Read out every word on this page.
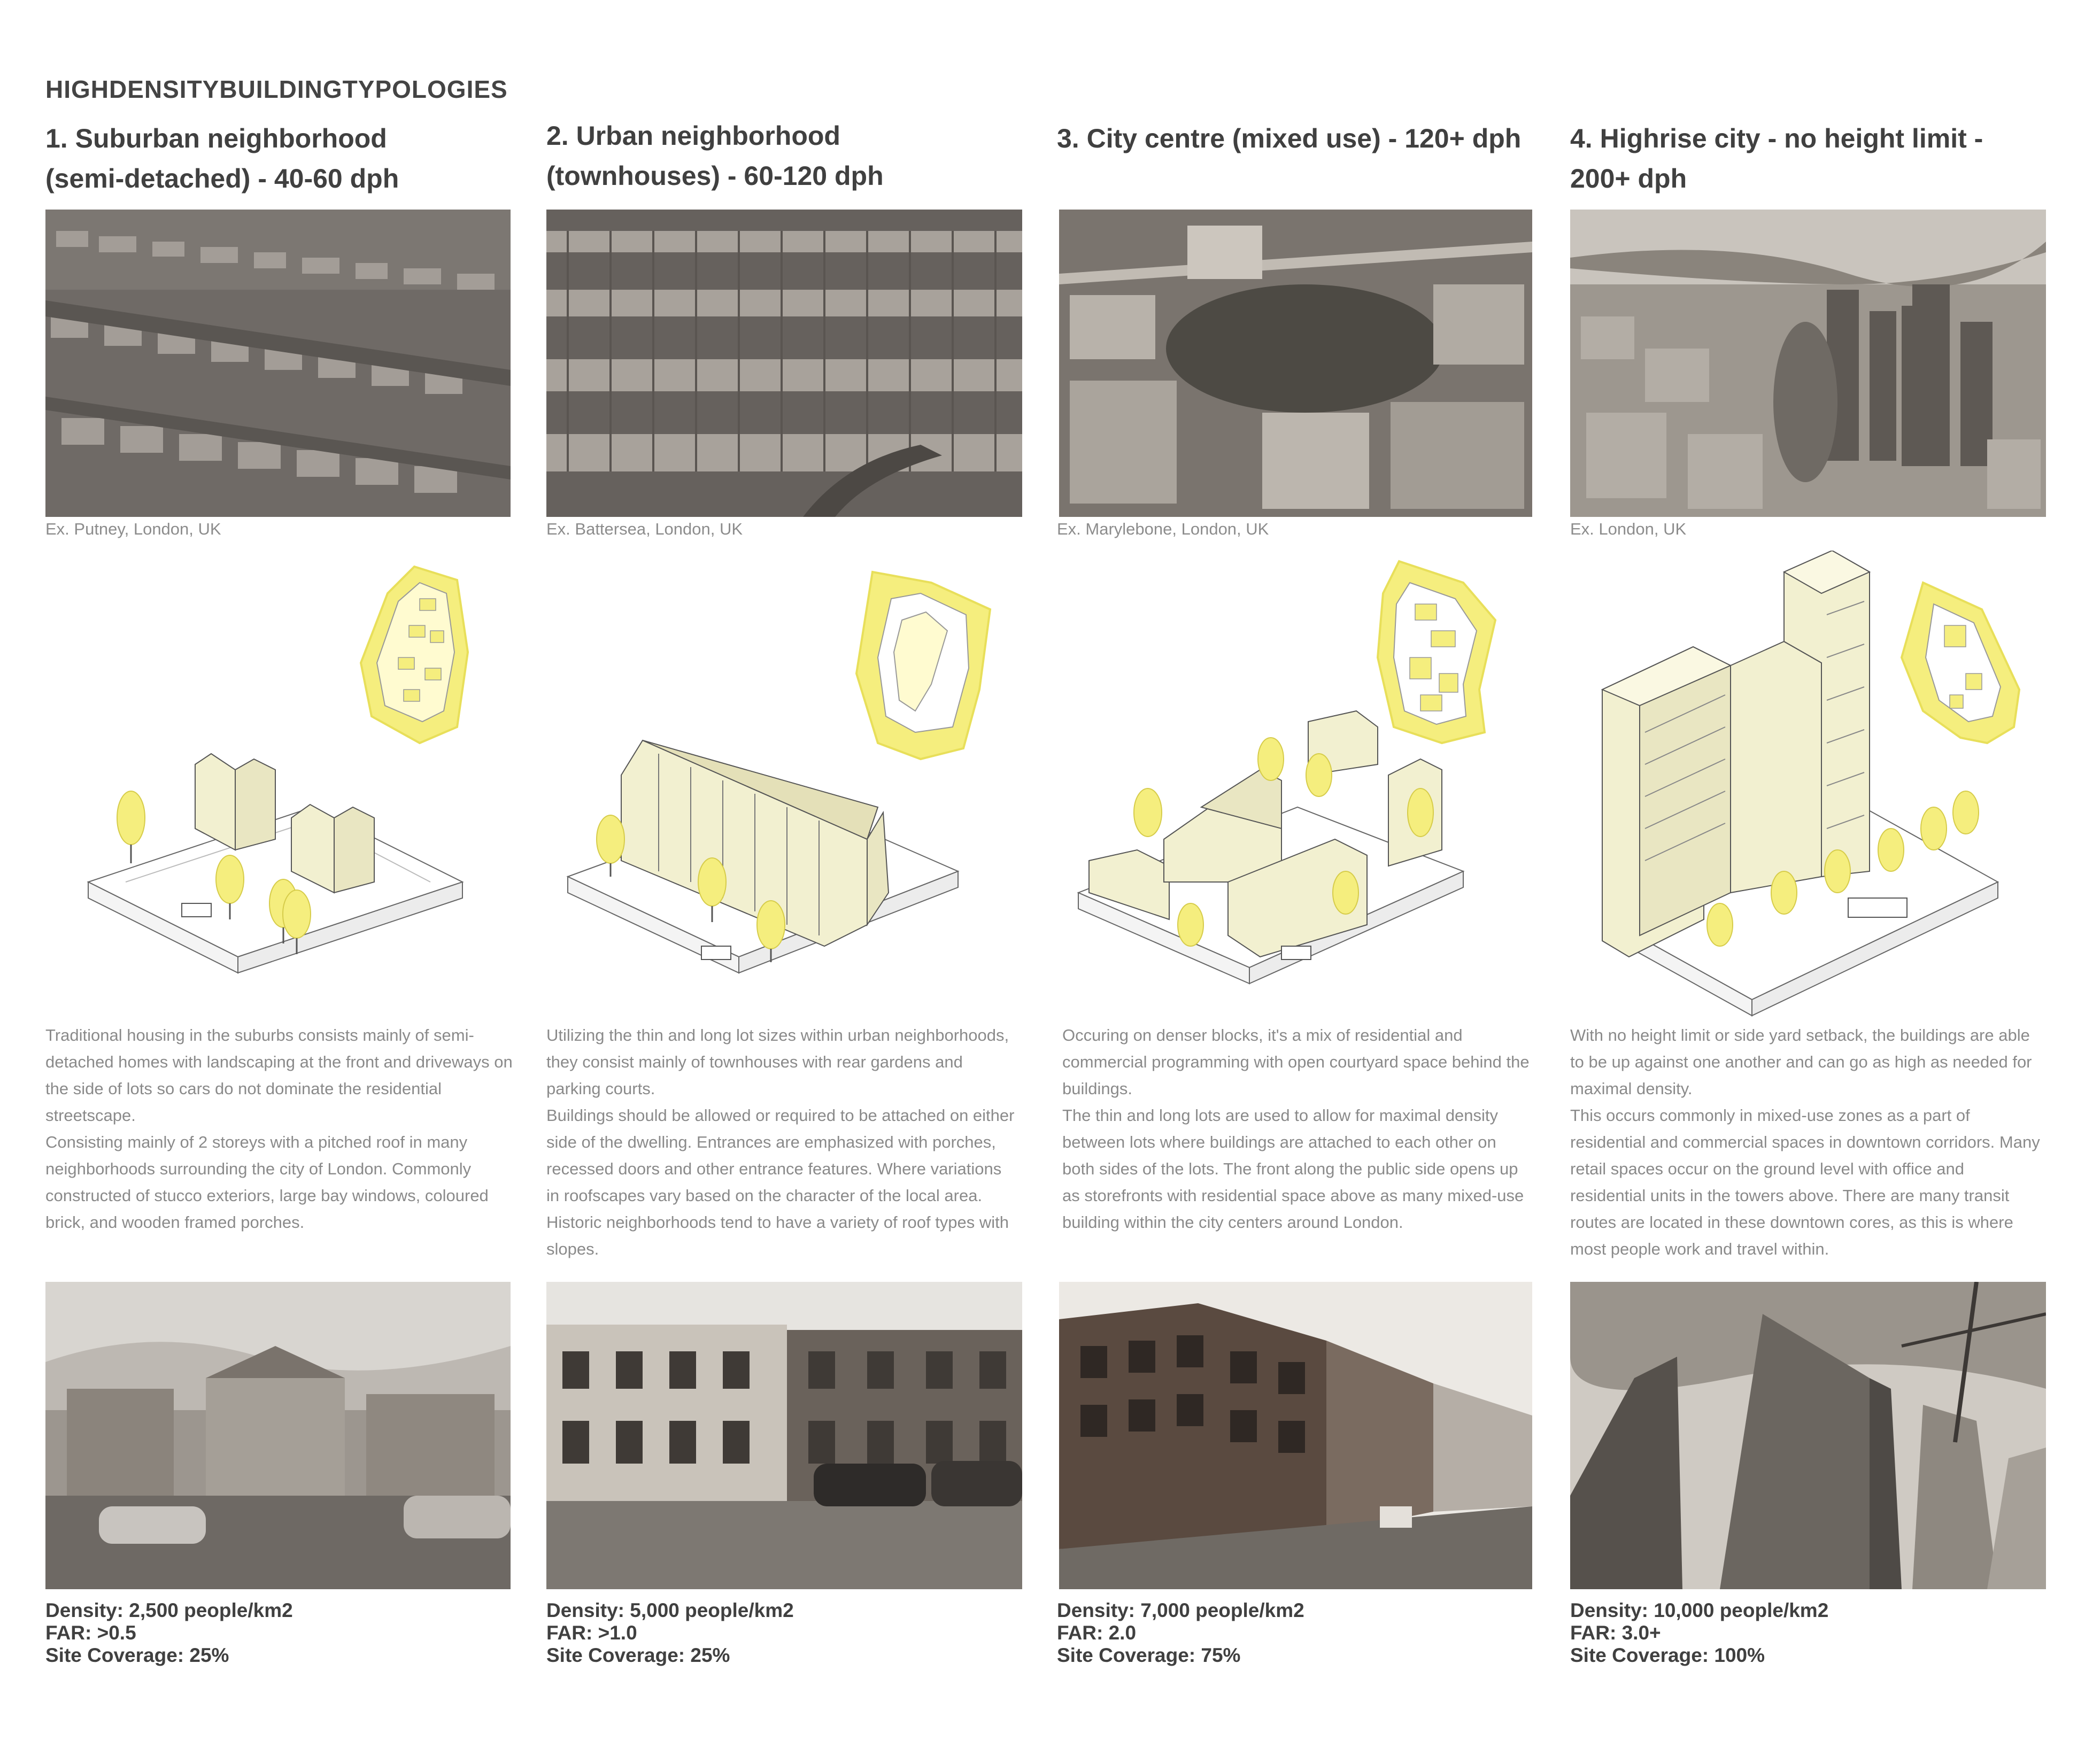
HIGHDENSITYBUILDINGTYPOLOGIES
1. Suburban neighborhood
(semi-detached) - 40-60 dph
Ex. Putney, London, UK

Traditional housing in the suburbs consists mainly of semi-detached homes with landscaping at the front and driveways on the side of lots so cars do not dominate the residential streetscape.

Consisting mainly of 2 storeys with a pitched roof in many neighborhoods surrounding the city of London. Commonly constructed of stucco exteriors, large bay windows, coloured brick, and wooden framed porches.

Density: 2,500 people/km2
FAR: >0.5
Site Coverage: 25%
2. Urban neighborhood
(townhouses) - 60-120 dph
Ex. Battersea, London, UK

Utilizing the thin and long lot sizes within urban neighborhoods, they consist mainly of townhouses with rear gardens and parking courts.

Buildings should be allowed or required to be attached on either side of the dwelling. Entrances are emphasized with porches, recessed doors and other entrance features. Where variations in roofscapes vary based on the character of the local area. Historic neighborhoods tend to have a variety of roof types with slopes.

Density: 5,000 people/km2
FAR: >1.0
Site Coverage: 25%
3. City centre (mixed use) - 120+ dph
Ex. Marylebone, London, UK

Occuring on denser blocks, it's a mix of residential and commercial programming with open courtyard space behind the buildings.

The thin and long lots are used to allow for maximal density between lots where buildings are attached to each other on both sides of the lots. The front along the public side opens up as storefronts with residential space above as many mixed-use building within the city centers around London.

Density: 7,000 people/km2
FAR: 2.0
Site Coverage: 75%
4. Highrise city - no height limit -
200+ dph
Ex. London, UK

With no height limit or side yard setback, the buildings are able to be up against one another and can go as high as needed for maximal density.

This occurs commonly in mixed-use zones as a part of residential and commercial spaces in downtown corridors. Many retail spaces occur on the ground level with office and residential units in the towers above. There are many transit routes are located in these downtown cores, as this is where most people work and travel within.

Density: 10,000 people/km2
FAR: 3.0+
Site Coverage: 100%
